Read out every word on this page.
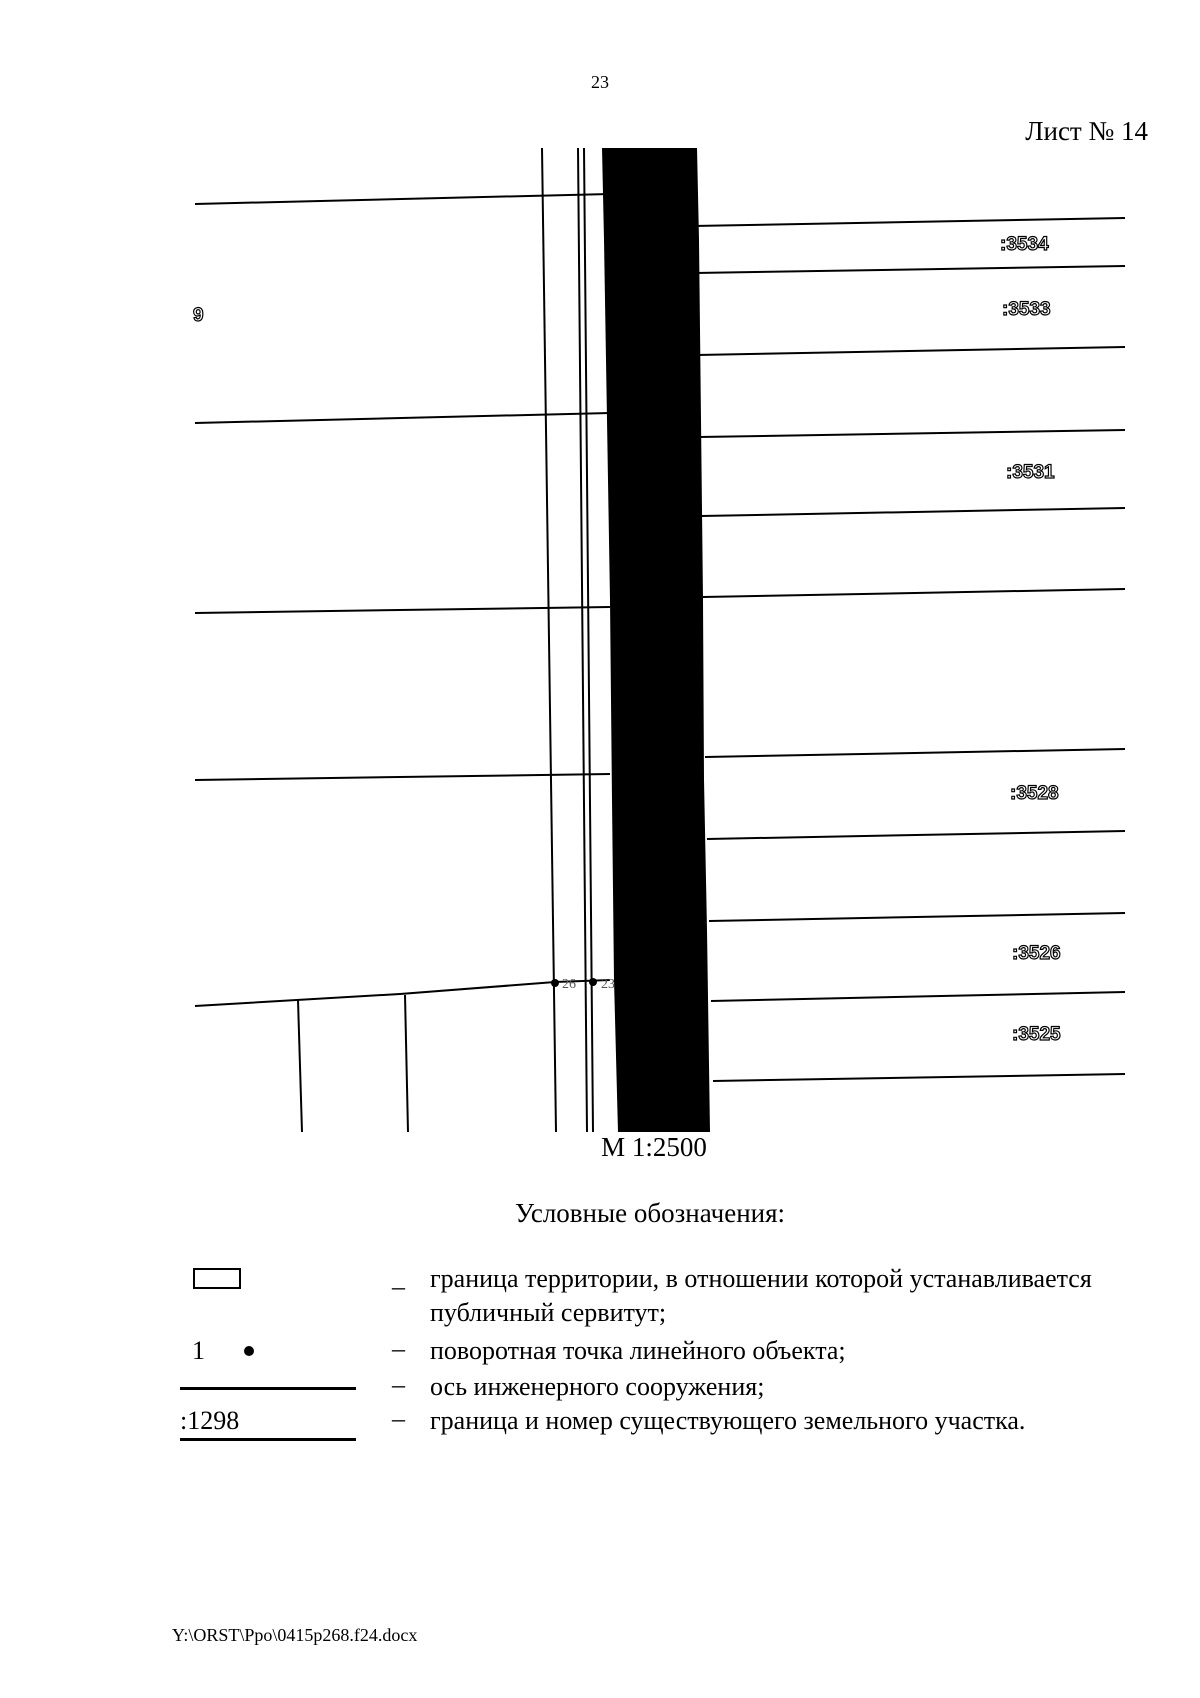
23
Лист № 14
26 23
:3534
:3533
:3531
:3528
:3526
:3525
9
М 1:2500
Условные обозначения:
– граница территории, в отношении которой устанавливается публичный сервитут;
1	– поворотная точка линейного объекта;
– ось инженерного сооружения;
:1298	– граница и номер существующего земельного участка.
Y:\ORST\Ppo\0415p268.f24.docx
